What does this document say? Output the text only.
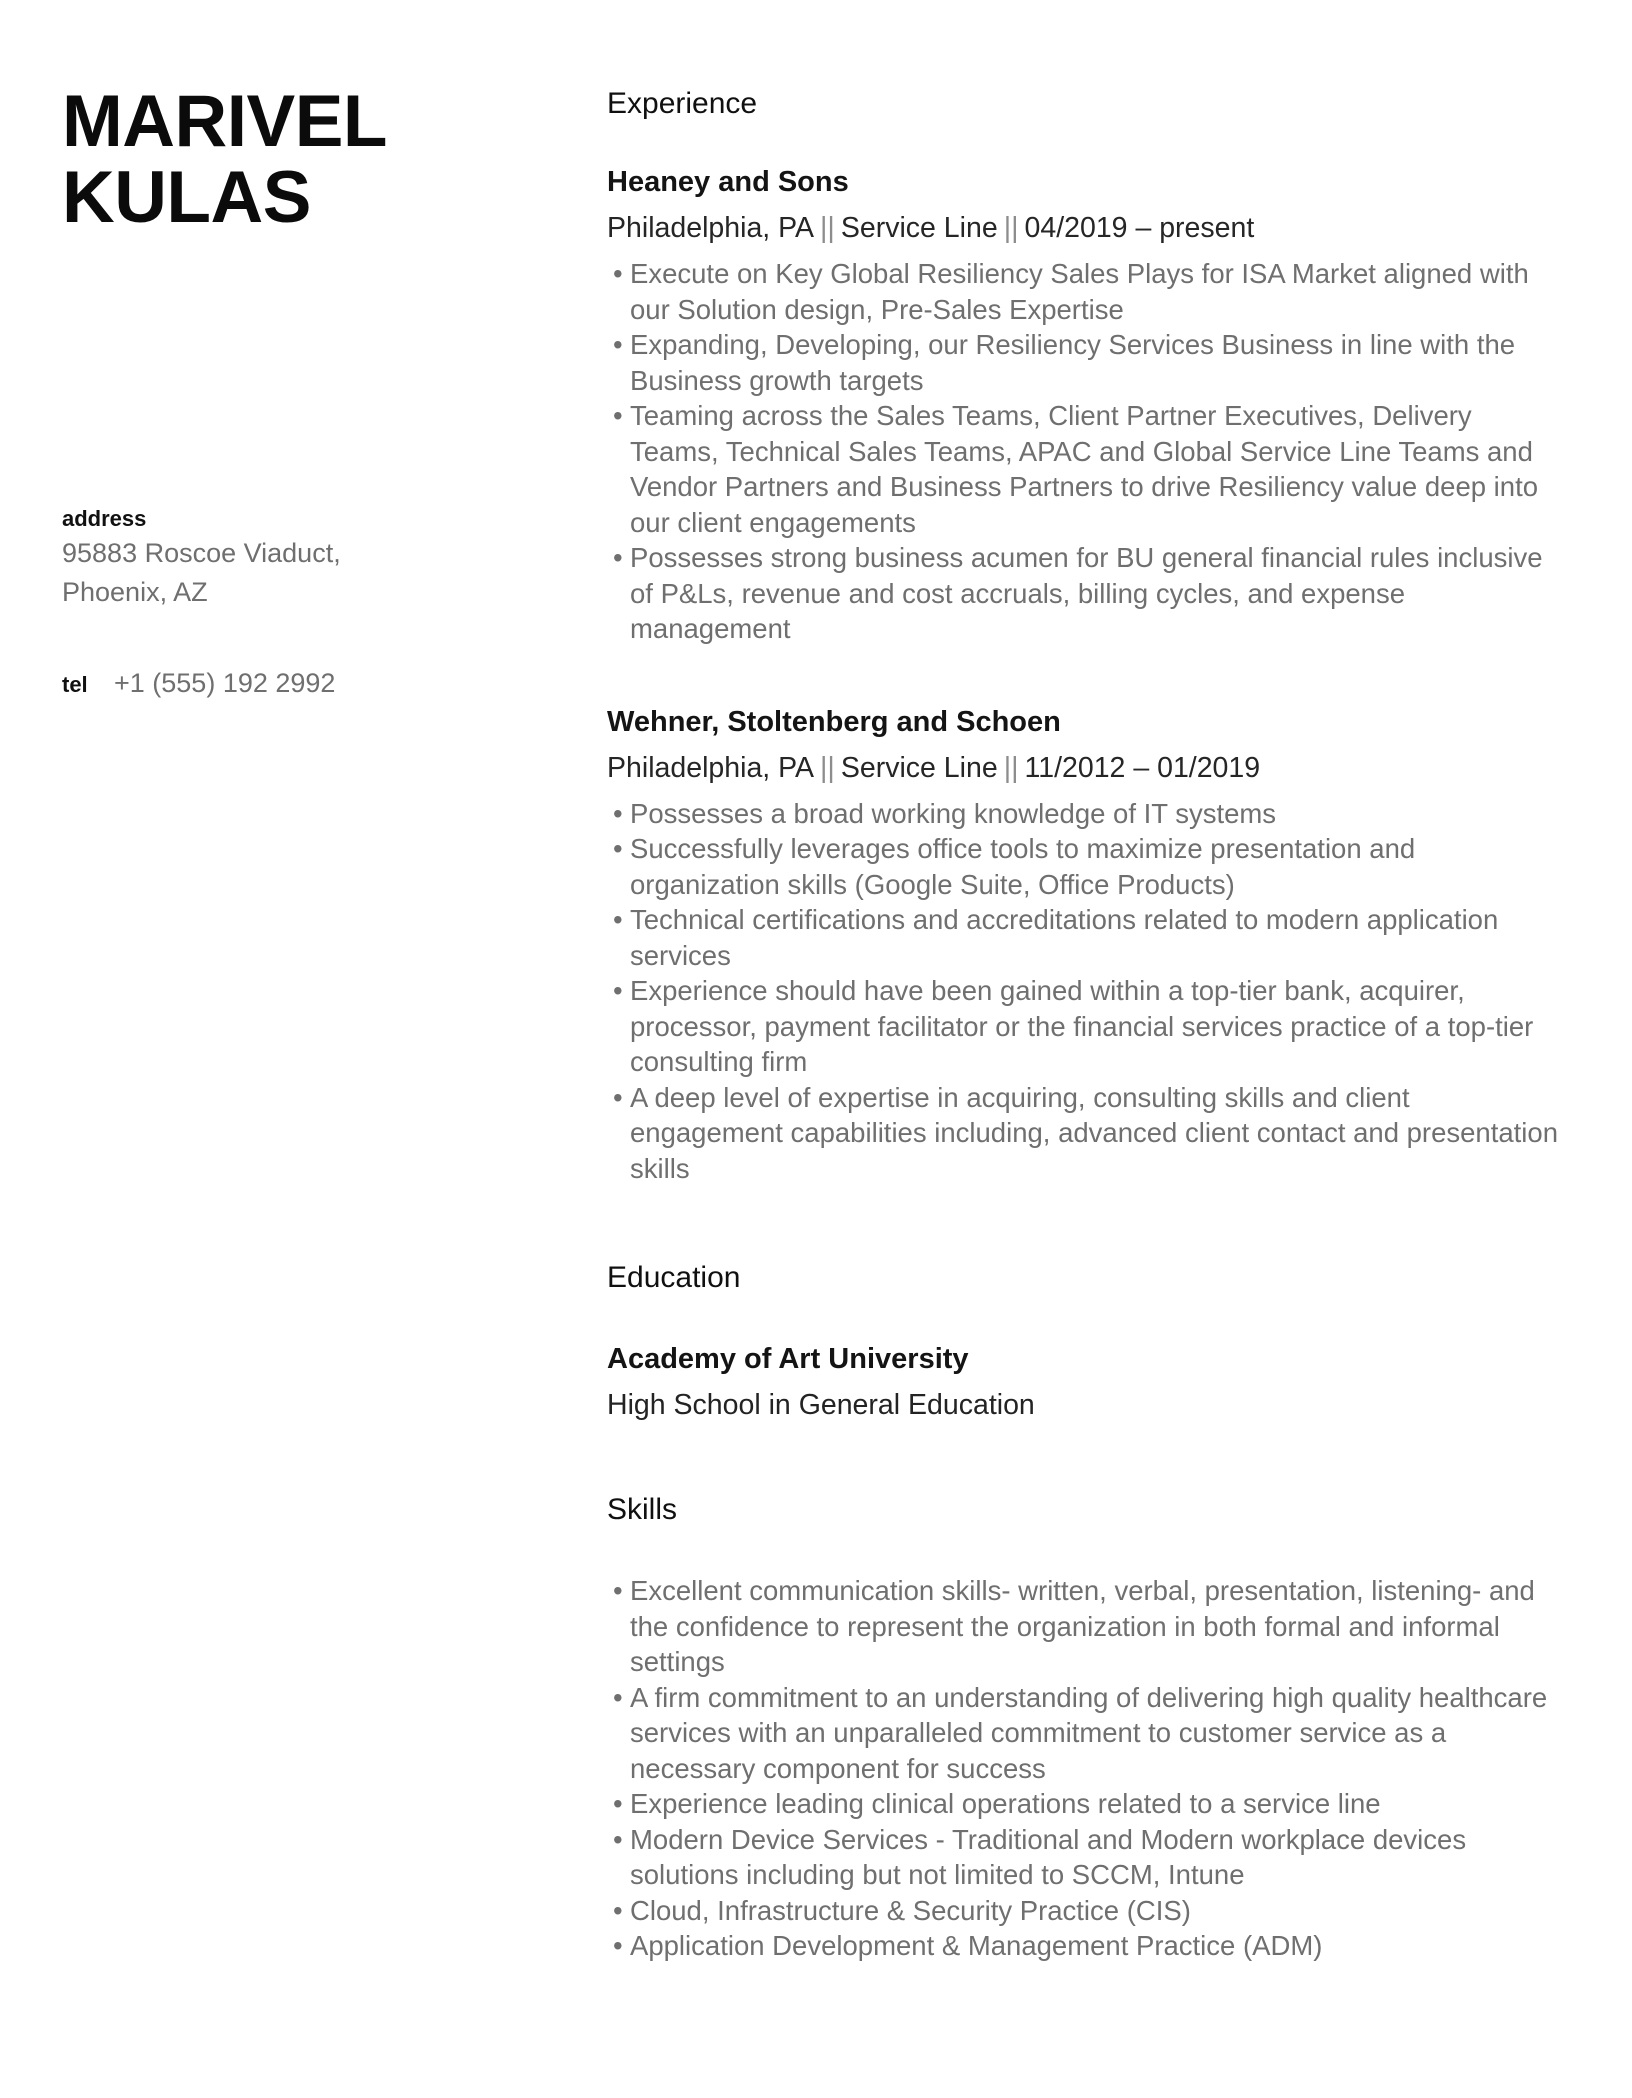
MARIVEL
KULAS
address
95883 Roscoe Viaduct,
Phoenix, AZ
tel +1 (555) 192 2992
Experience
Heaney and Sons
Philadelphia, PA || Service Line || 04/2019 – present
• Execute on Key Global Resiliency Sales Plays for ISA Market aligned with our Solution design, Pre-Sales Expertise
• Expanding, Developing, our Resiliency Services Business in line with the Business growth targets
• Teaming across the Sales Teams, Client Partner Executives, Delivery Teams, Technical Sales Teams, APAC and Global Service Line Teams and Vendor Partners and Business Partners to drive Resiliency value deep into our client engagements
• Possesses strong business acumen for BU general financial rules inclusive of P&Ls, revenue and cost accruals, billing cycles, and expense management
Wehner, Stoltenberg and Schoen
Philadelphia, PA || Service Line || 11/2012 – 01/2019
• Possesses a broad working knowledge of IT systems
• Successfully leverages office tools to maximize presentation and organization skills (Google Suite, Office Products)
• Technical certifications and accreditations related to modern application services
• Experience should have been gained within a top-tier bank, acquirer, processor, payment facilitator or the financial services practice of a top-tier consulting firm
• A deep level of expertise in acquiring, consulting skills and client engagement capabilities including, advanced client contact and presentation skills
Education
Academy of Art University
High School in General Education
Skills
• Excellent communication skills- written, verbal, presentation, listening- and the confidence to represent the organization in both formal and informal settings
• A firm commitment to an understanding of delivering high quality healthcare services with an unparalleled commitment to customer service as a necessary component for success
• Experience leading clinical operations related to a service line
• Modern Device Services - Traditional and Modern workplace devices solutions including but not limited to SCCM, Intune
• Cloud, Infrastructure & Security Practice (CIS)
• Application Development & Management Practice (ADM)
